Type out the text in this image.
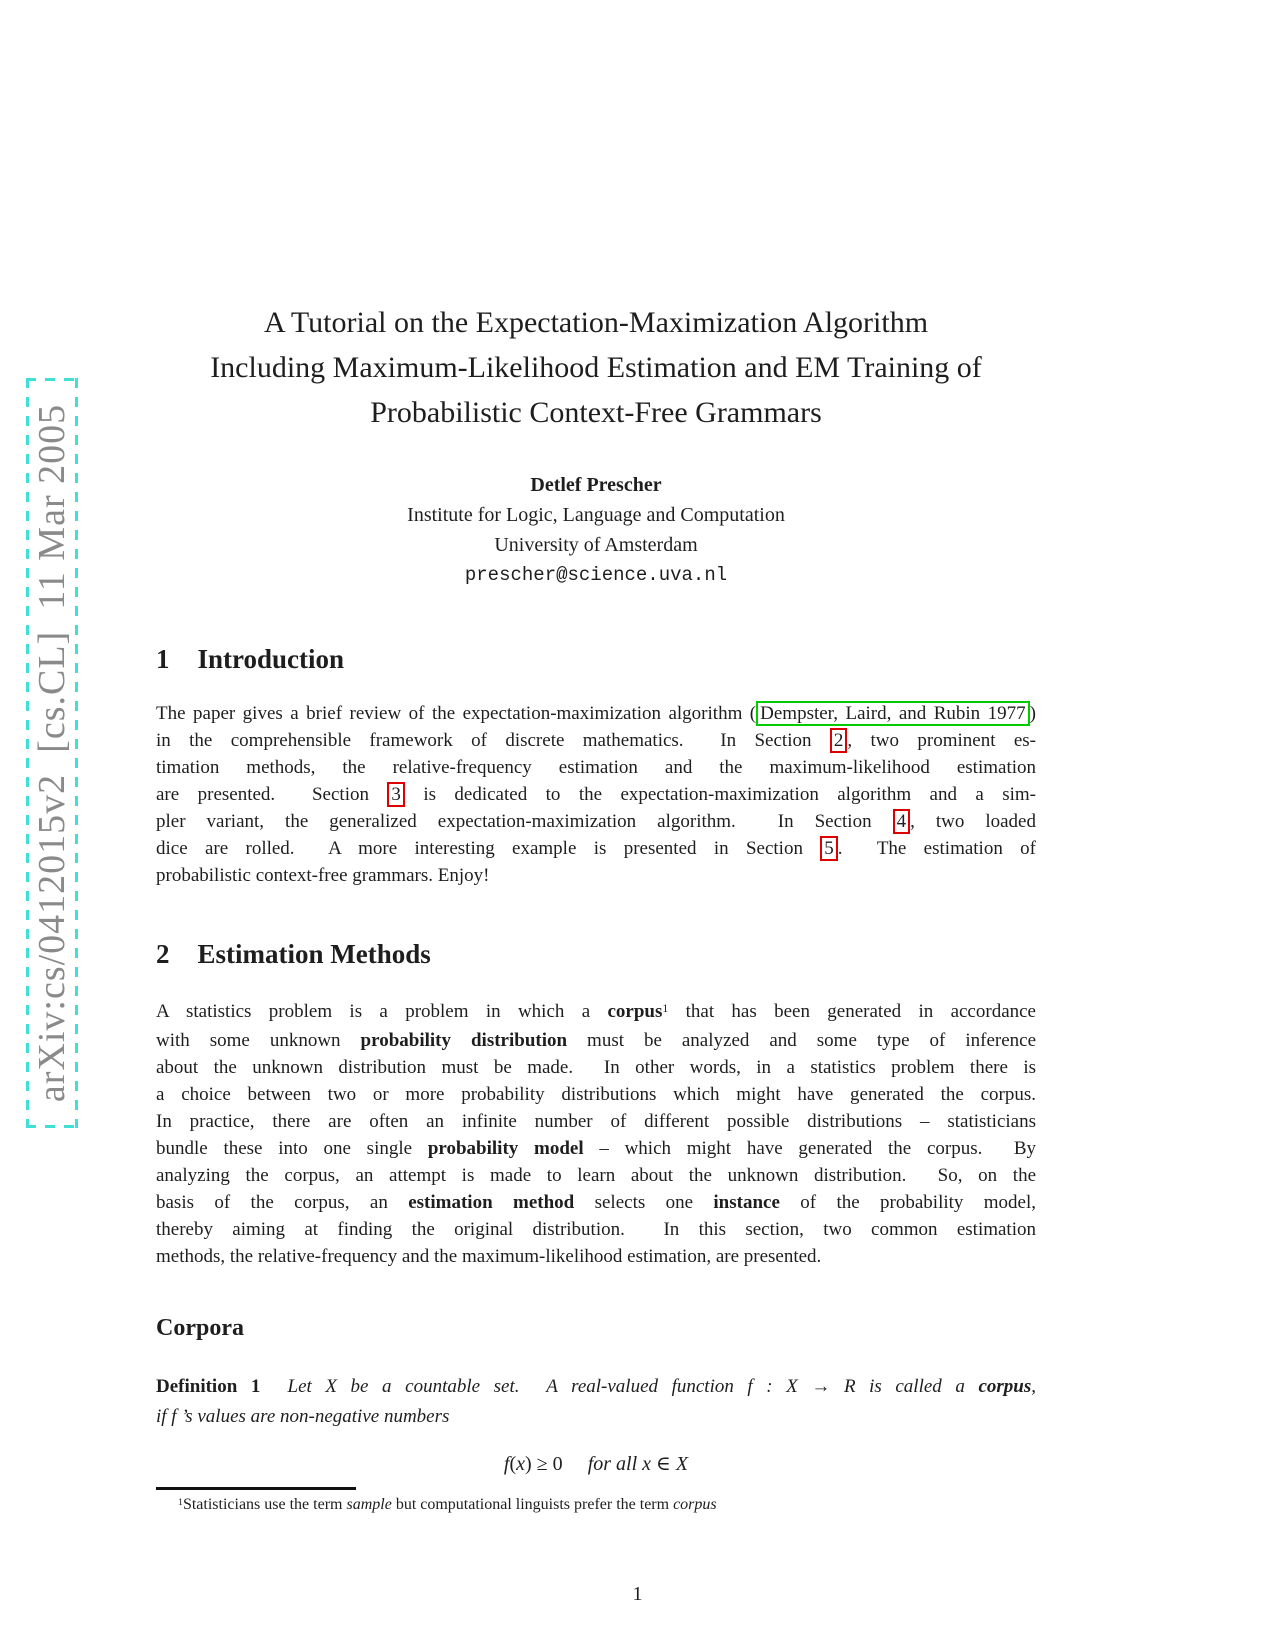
arXiv:cs/0412015v2  [cs.CL]  11 Mar 2005
A Tutorial on the Expectation-Maximization Algorithm
Including Maximum-Likelihood Estimation and EM Training of
Probabilistic Context-Free Grammars
Detlef Prescher
Institute for Logic, Language and Computation
University of Amsterdam
prescher@science.uva.nl
1 Introduction
The paper gives a brief review of the expectation-maximization algorithm ( Dempster, Laird, and Rubin 1977 )
in the comprehensible framework of discrete mathematics.  In Section 2 , two prominent es-
timation methods, the relative-frequency estimation and the maximum-likelihood estimation
are presented.  Section 3 is dedicated to the expectation-maximization algorithm and a sim-
pler variant, the generalized expectation-maximization algorithm.  In Section 4 , two loaded
dice are rolled.  A more interesting example is presented in Section 5 .  The estimation of
probabilistic context-free grammars. Enjoy!
2 Estimation Methods
A statistics problem is a problem in which a corpus$^1$ that has been generated in accordance
with some unknown probability distribution must be analyzed and some type of inference
about the unknown distribution must be made.  In other words, in a statistics problem there is
a choice between two or more probability distributions which might have generated the corpus.
In practice, there are often an infinite number of different possible distributions – statisticians
bundle these into one single probability model – which might have generated the corpus.  By
analyzing the corpus, an attempt is made to learn about the unknown distribution.  So, on the
basis of the corpus, an estimation method selects one instance of the probability model,
thereby aiming at finding the original distribution.  In this section, two common estimation
methods, the relative-frequency and the maximum-likelihood estimation, are presented.
Corpora
Definition 1  Let X be a countable set.  A real-valued function f : X → R is called a corpus,
if f ’s values are non-negative numbers
f(x) ≥ 0     for all x ∈ X
$^1$Statisticians use the term sample but computational linguists prefer the term corpus
1
